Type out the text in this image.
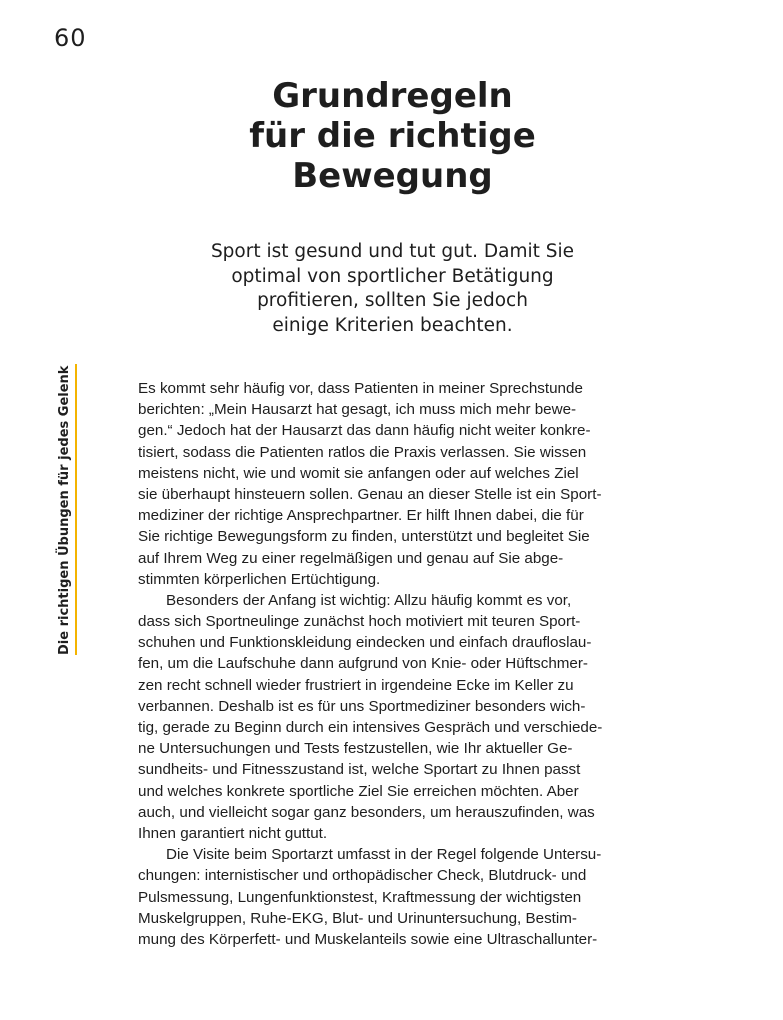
60
Grundregeln
für die richtige
Bewegung
Sport ist gesund und tut gut. Damit Sie
optimal von sportlicher Betätigung
profitieren, sollten Sie jedoch
einige Kriterien beachten.
Die richtigen Übungen für jedes Gelenk	Es kommt sehr häufig vor, dass Patienten in meiner Sprechstunde
berichten: „Mein Hausarzt hat gesagt, ich muss mich mehr bewe-
gen.“ Jedoch hat der Hausarzt das dann häufig nicht weiter konkre-
tisiert, sodass die Patienten ratlos die Praxis verlassen. Sie wissen
meistens nicht, wie und womit sie anfangen oder auf welches Ziel
sie überhaupt hinsteuern sollen. Genau an dieser Stelle ist ein Sport-
mediziner der richtige Ansprechpartner. Er hilft Ihnen dabei, die für
Sie richtige Bewegungsform zu finden, unterstützt und begleitet Sie
auf Ihrem Weg zu einer regelmäßigen und genau auf Sie abge-
stimmten körperlichen Ertüchtigung.
Besonders der Anfang ist wichtig: Allzu häufig kommt es vor,
dass sich Sportneulinge zunächst hoch motiviert mit teuren Sport-
schuhen und Funktionskleidung eindecken und einfach draufloslau-
fen, um die Laufschuhe dann aufgrund von Knie- oder Hüftschmer-
zen recht schnell wieder frustriert in irgendeine Ecke im Keller zu
verbannen. Deshalb ist es für uns Sportmediziner besonders wich-
tig, gerade zu Beginn durch ein intensives Gespräch und verschiede-
ne Untersuchungen und Tests festzustellen, wie Ihr aktueller Ge-
sundheits- und Fitnesszustand ist, welche Sportart zu Ihnen passt
und welches konkrete sportliche Ziel Sie erreichen möchten. Aber
auch, und vielleicht sogar ganz besonders, um herauszufinden, was
Ihnen garantiert nicht guttut.
Die Visite beim Sportarzt umfasst in der Regel folgende Untersu-
chungen: internistischer und orthopädischer Check, Blutdruck- und
Pulsmessung, Lungenfunktionstest, Kraftmessung der wichtigsten
Muskelgruppen, Ruhe-EKG, Blut- und Urinuntersuchung, Bestim-
mung des Körperfett- und Muskelanteils sowie eine Ultraschallunter-
